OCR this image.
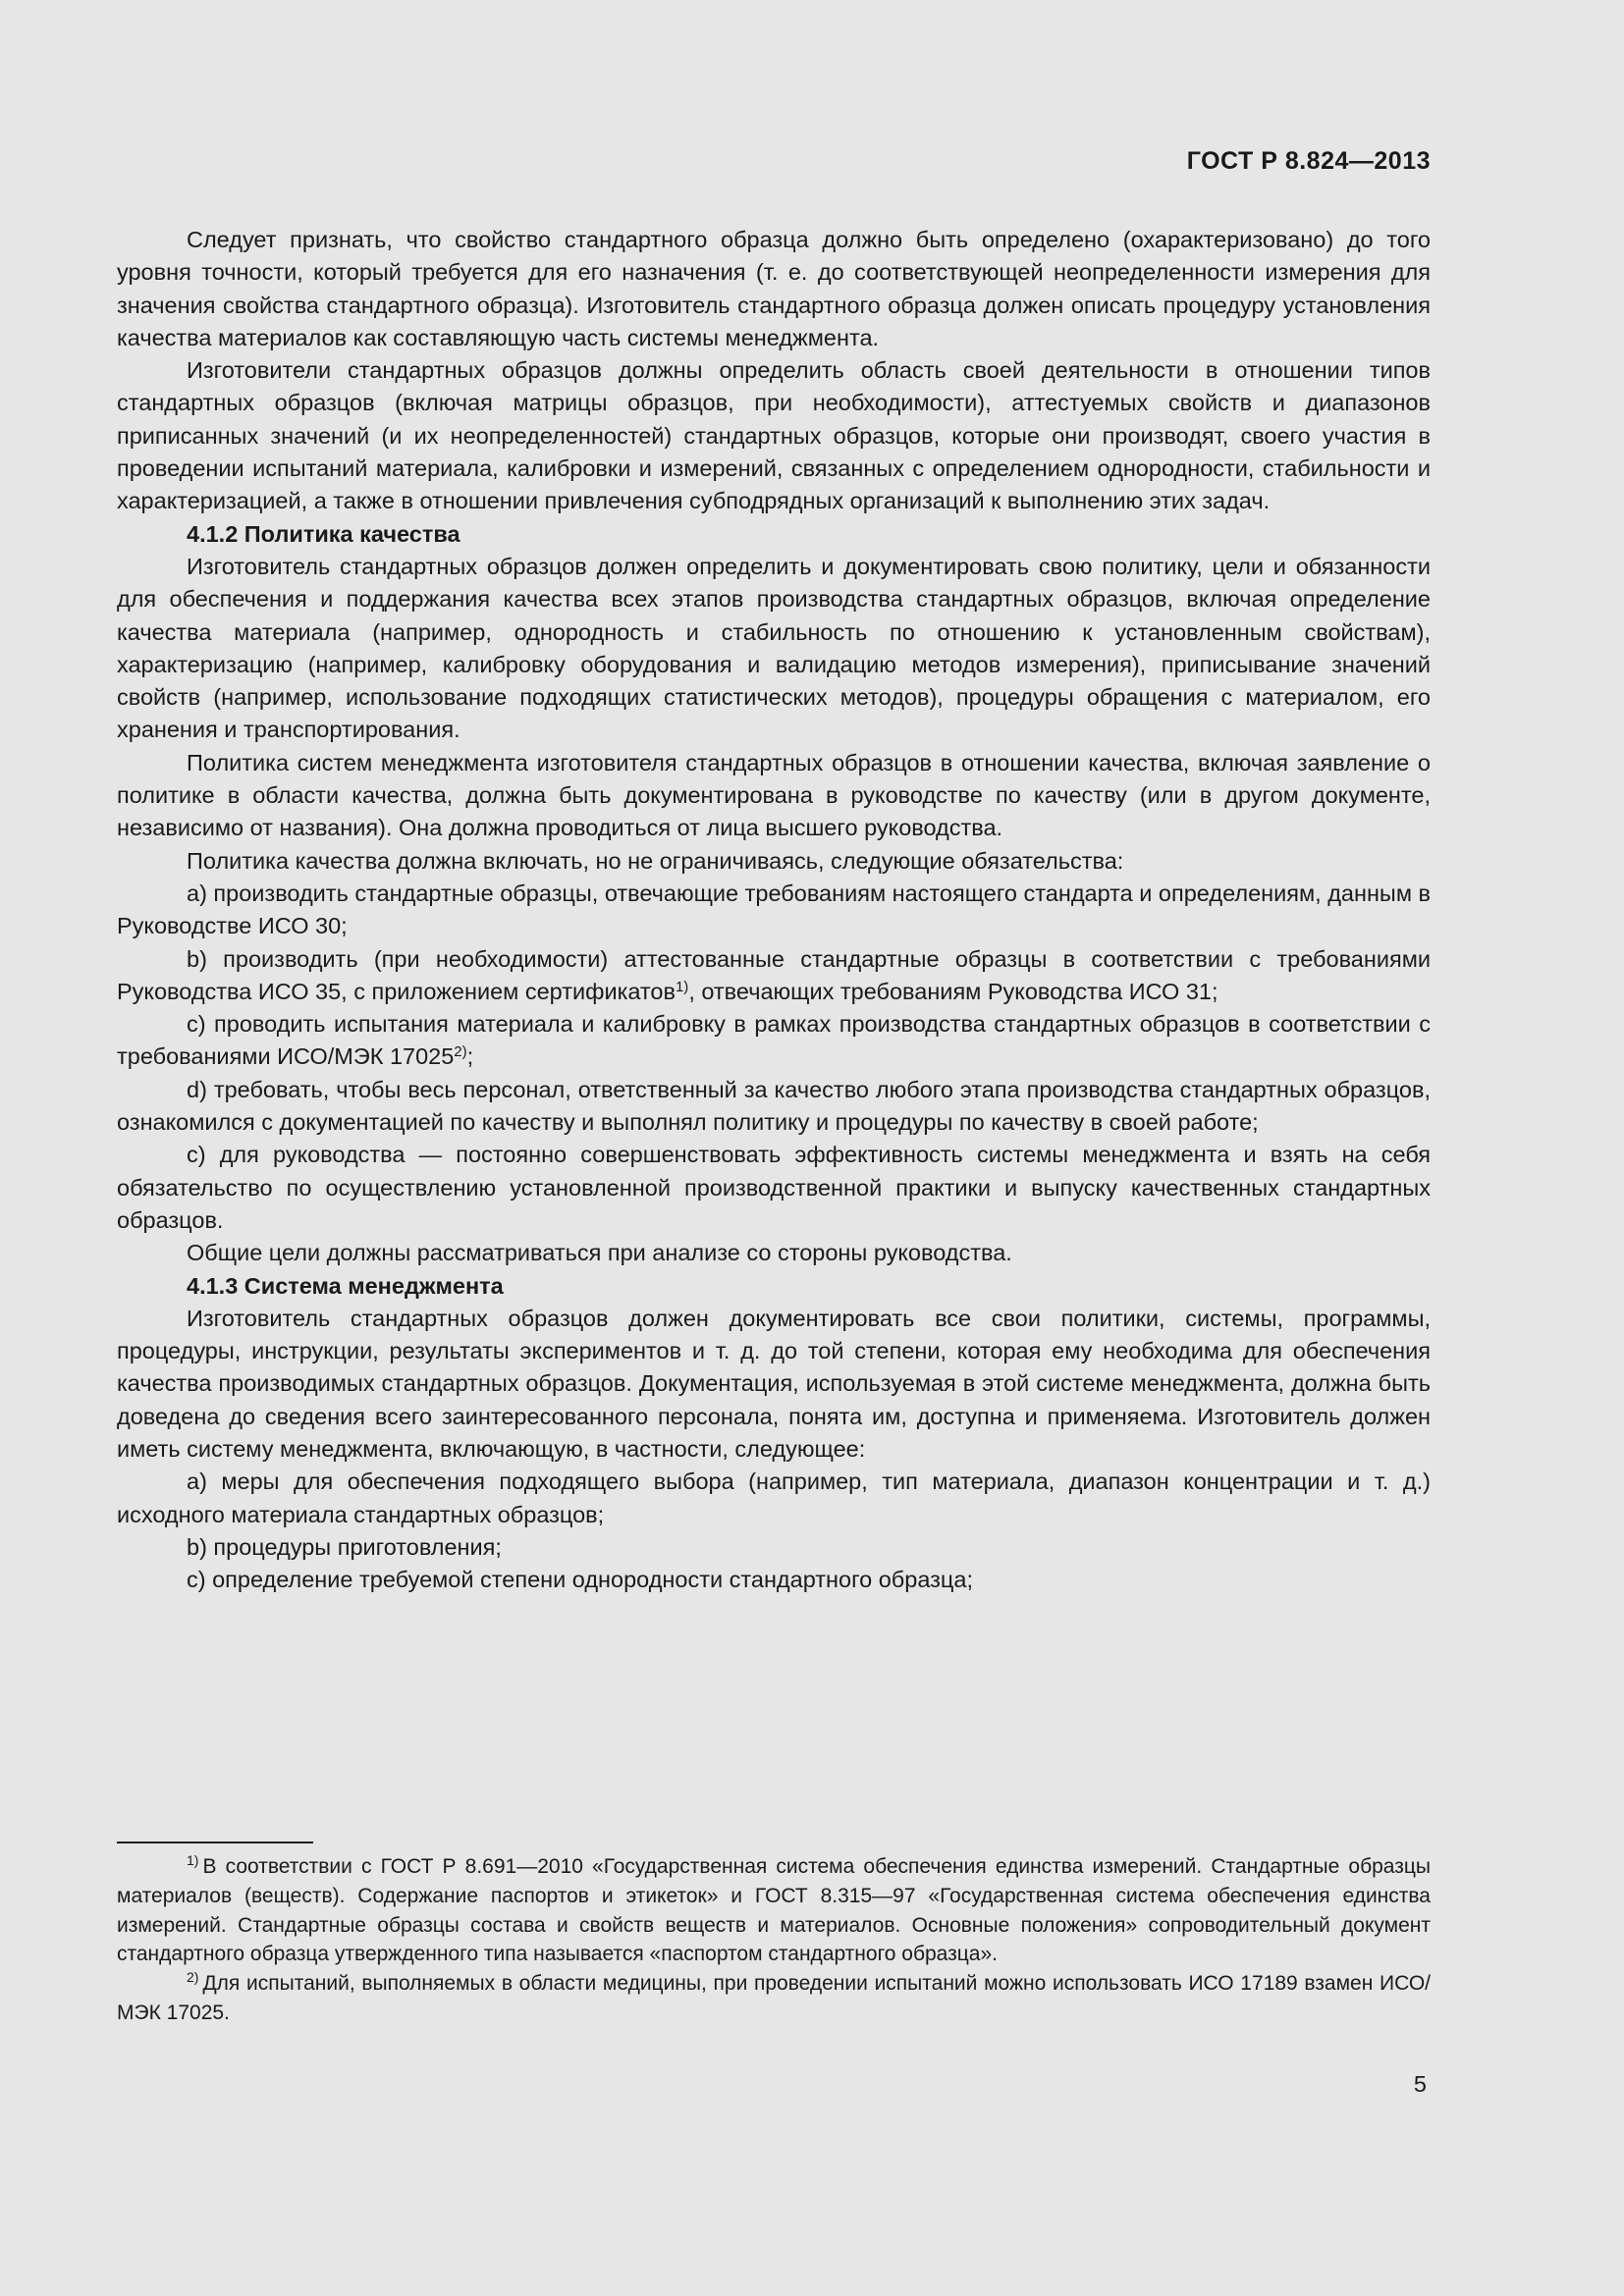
ГОСТ Р 8.824—2013

Следует признать, что свойство стандартного образца должно быть определено (охарактеризовано) до того уровня точности, который требуется для его назначения (т. е. до соответствующей неопределенности измерения для значения свойства стандартного образца). Изготовитель стандартного образца должен описать процедуру установления качества материалов как составляющую часть системы менеджмента.

Изготовители стандартных образцов должны определить область своей деятельности в отношении типов стандартных образцов (включая матрицы образцов, при необходимости), аттестуемых свойств и диапазонов приписанных значений (и их неопределенностей) стандартных образцов, которые они производят, своего участия в проведении испытаний материала, калибровки и измерений, связанных с определением однородности, стабильности и характеризацией, а также в отношении привлечения субподрядных организаций к выполнению этих задач.

4.1.2 Политика качества

Изготовитель стандартных образцов должен определить и документировать свою политику, цели и обязанности для обеспечения и поддержания качества всех этапов производства стандартных образцов, включая определение качества материала (например, однородность и стабильность по отношению к установленным свойствам), характеризацию (например, калибровку оборудования и валидацию методов измерения), приписывание значений свойств (например, использование подходящих статистических методов), процедуры обращения с материалом, его хранения и транспортирования.

Политика систем менеджмента изготовителя стандартных образцов в отношении качества, включая заявление о политике в области качества, должна быть документирована в руководстве по качеству (или в другом документе, независимо от названия). Она должна проводиться от лица высшего руководства.

Политика качества должна включать, но не ограничиваясь, следующие обязательства:

a) производить стандартные образцы, отвечающие требованиям настоящего стандарта и определениям, данным в Руководстве ИСО 30;

b) производить (при необходимости) аттестованные стандартные образцы в соответствии с требованиями Руководства ИСО 35, с приложением сертификатов$^{1)}$, отвечающих требованиям Руководства ИСО 31;

c) проводить испытания материала и калибровку в рамках производства стандартных образцов в соответствии с требованиями ИСО/МЭК 17025$^{2)}$;

d) требовать, чтобы весь персонал, ответственный за качество любого этапа производства стандартных образцов, ознакомился с документацией по качеству и выполнял политику и процедуры по качеству в своей работе;

c) для руководства — постоянно совершенствовать эффективность системы менеджмента и взять на себя обязательство по осуществлению установленной производственной практики и выпуску качественных стандартных образцов.

Общие цели должны рассматриваться при анализе со стороны руководства.

4.1.3 Система менеджмента

Изготовитель стандартных образцов должен документировать все свои политики, системы, программы, процедуры, инструкции, результаты экспериментов и т. д. до той степени, которая ему необходима для обеспечения качества производимых стандартных образцов. Документация, используемая в этой системе менеджмента, должна быть доведена до сведения всего заинтересованного персонала, понята им, доступна и применяема. Изготовитель должен иметь систему менеджмента, включающую, в частности, следующее:

a) меры для обеспечения подходящего выбора (например, тип материала, диапазон концентрации и т. д.) исходного материала стандартных образцов;

b) процедуры приготовления;

c) определение требуемой степени однородности стандартного образца;

$^{1)}$ В соответствии с ГОСТ Р 8.691—2010 «Государственная система обеспечения единства измерений. Стандартные образцы материалов (веществ). Содержание паспортов и этикеток» и ГОСТ 8.315—97 «Государственная система обеспечения единства измерений. Стандартные образцы состава и свойств веществ и материалов. Основные положения» сопроводительный документ стандартного образца утвержденного типа называется «паспортом стандартного образца».

$^{2)}$ Для испытаний, выполняемых в области медицины, при проведении испытаний можно использовать ИСО 17189 взамен ИСО/МЭК 17025.

5
